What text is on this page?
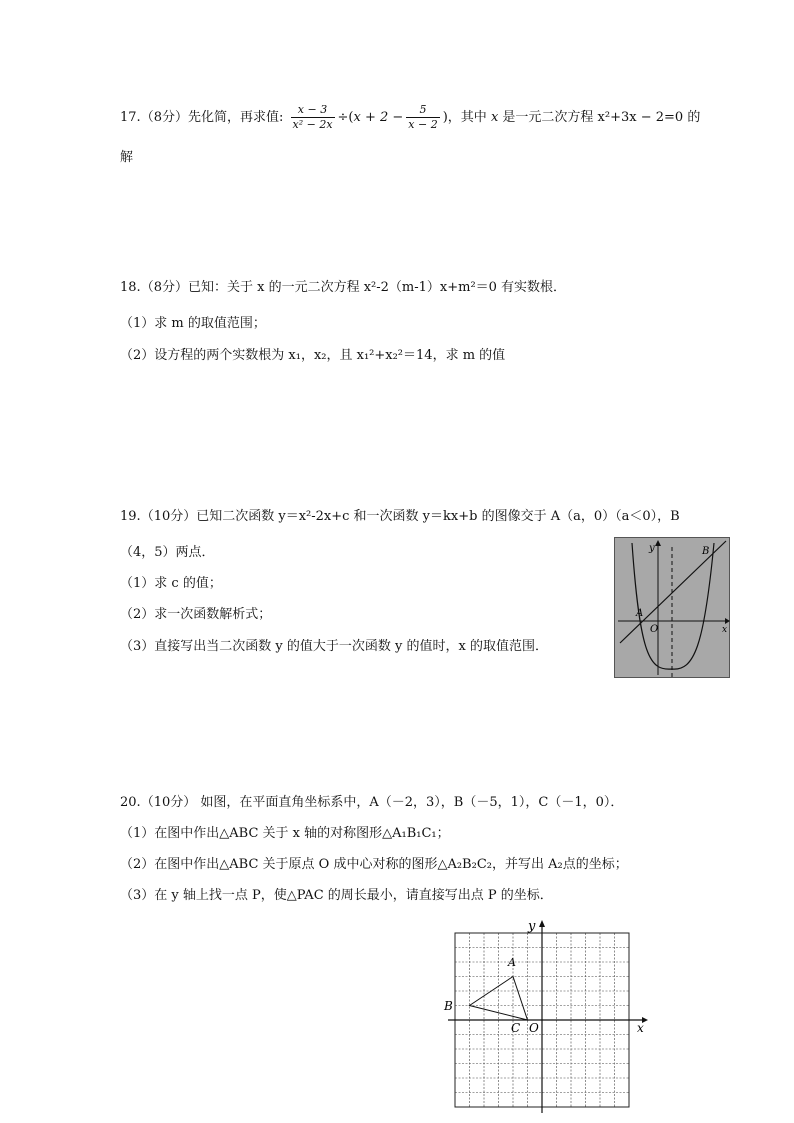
17.（8分）先化简，再求值: $\frac{x - 3}{\text{x² − 2x}} \div(x + 2 - \frac{5}{x - 2}$ )，其中 x 是一元二次方程 x²+3x − 2=0 的
解
18.（8分）已知：关于 x 的一元二次方程 x²-2（m-1）x+m²＝0 有实数根．
（1）求 m 的取值范围；
（2）设方程的两个实数根为 x₁，x₂，且 x₁²+x₂²＝14，求 m 的值
19.（10分）已知二次函数 y＝x²-2x+c 和一次函数 y＝kx+b 的图像交于 A（a，0）（a＜0），B
（4，5）两点．
（1）求 c 的值；
（2）求一次函数解析式；
（3）直接写出当二次函数 y 的值大于一次函数 y 的值时，x 的取值范围．
A
B
O
y
x
20.（10分） 如图，在平面直角坐标系中，A（－2，3），B（－5，1），C（－1，0）．
（1）在图中作出△ABC 关于 x 轴的对称图形△A₁B₁C₁；
（2）在图中作出△ABC 关于原点 O 成中心对称的图形△A₂B₂C₂，并写出 A₂点的坐标；
（3）在 y 轴上找一点 P，使△PAC 的周长最小，请直接写出点 P 的坐标．
A
B
C O
y
x
